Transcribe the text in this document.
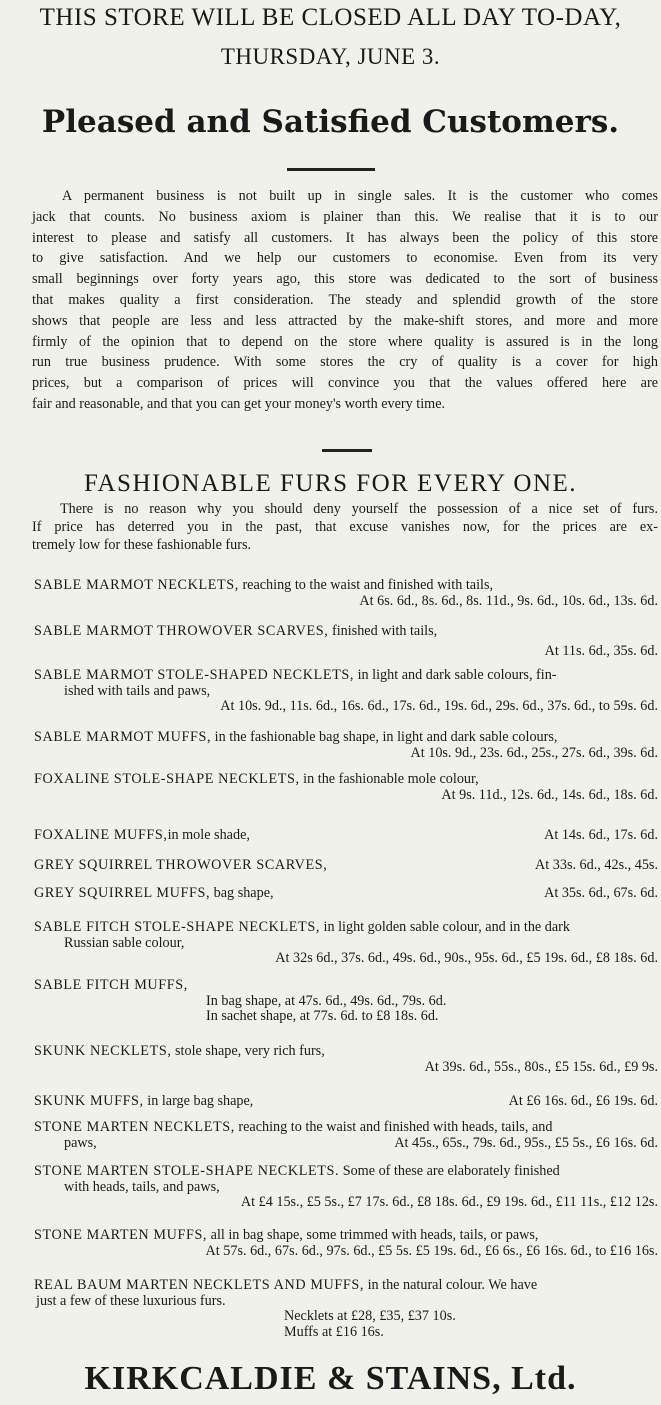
THIS STORE WILL BE CLOSED ALL DAY TO-DAY,
THURSDAY, JUNE 3.
Pleased and Satisfied Customers.
A permanent business is not built up in single sales. It is the customer who comes
jack that counts. No business axiom is plainer than this. We realise that it is to our
interest to please and satisfy all customers. It has always been the policy of this store
to give satisfaction. And we help our customers to economise. Even from its very
small beginnings over forty years ago, this store was dedicated to the sort of business
that makes quality a first consideration. The steady and splendid growth of the store
shows that people are less and less attracted by the make-shift stores, and more and more
firmly of the opinion that to depend on the store where quality is assured is in the long
run true business prudence. With some stores the cry of quality is a cover for high
prices, but a comparison of prices will convince you that the values offered here are
fair and reasonable, and that you can get your money's worth every time.
FASHIONABLE FURS FOR EVERY ONE.
There is no reason why you should deny yourself the possession of a nice set of furs.
If price has deterred you in the past, that excuse vanishes now, for the prices are ex-
tremely low for these fashionable furs.
SABLE MARMOT NECKLETS, reaching to the waist and finished with tails,
At 6s. 6d., 8s. 6d., 8s. 11d., 9s. 6d., 10s. 6d., 13s. 6d.
SABLE MARMOT THROWOVER SCARVES, finished with tails,
At 11s. 6d., 35s. 6d.
SABLE MARMOT STOLE-SHAPED NECKLETS, in light and dark sable colours, fin-
ished with tails and paws,
At 10s. 9d., 11s. 6d., 16s. 6d., 17s. 6d., 19s. 6d., 29s. 6d., 37s. 6d., to 59s. 6d.
SABLE MARMOT MUFFS, in the fashionable bag shape, in light and dark sable colours,
At 10s. 9d., 23s. 6d., 25s., 27s. 6d., 39s. 6d.
FOXALINE STOLE-SHAPE NECKLETS, in the fashionable mole colour,
At 9s. 11d., 12s. 6d., 14s. 6d., 18s. 6d.
FOXALINE MUFFS,in mole shade,	At 14s. 6d., 17s. 6d.
GREY SQUIRREL THROWOVER SCARVES,	At 33s. 6d., 42s., 45s.
GREY SQUIRREL MUFFS, bag shape,	At 35s. 6d., 67s. 6d.
SABLE FITCH STOLE-SHAPE NECKLETS, in light golden sable colour, and in the dark
Russian sable colour,
At 32s 6d., 37s. 6d., 49s. 6d., 90s., 95s. 6d., £5 19s. 6d., £8 18s. 6d.
SABLE FITCH MUFFS,
In bag shape, at 47s. 6d., 49s. 6d., 79s. 6d.
In sachet shape, at 77s. 6d. to £8 18s. 6d.
SKUNK NECKLETS, stole shape, very rich furs,
At 39s. 6d., 55s., 80s., £5 15s. 6d., £9 9s.
SKUNK MUFFS, in large bag shape,	At £6 16s. 6d., £6 19s. 6d.
STONE MARTEN NECKLETS, reaching to the waist and finished with heads, tails, and
paws,	At 45s., 65s., 79s. 6d., 95s., £5 5s., £6 16s. 6d.
STONE MARTEN STOLE-SHAPE NECKLETS. Some of these are elaborately finished
with heads, tails, and paws,
At £4 15s., £5 5s., £7 17s. 6d., £8 18s. 6d., £9 19s. 6d., £11 11s., £12 12s.
STONE MARTEN MUFFS, all in bag shape, some trimmed with heads, tails, or paws,
At 57s. 6d., 67s. 6d., 97s. 6d., £5 5s. £5 19s. 6d., £6 6s., £6 16s. 6d., to £16 16s.
REAL BAUM MARTEN NECKLETS AND MUFFS, in the natural colour. We have
just a few of these luxurious furs.
Necklets at £28, £35, £37 10s.
Muffs at £16 16s.
KIRKCALDIE & STAINS, Ltd.
